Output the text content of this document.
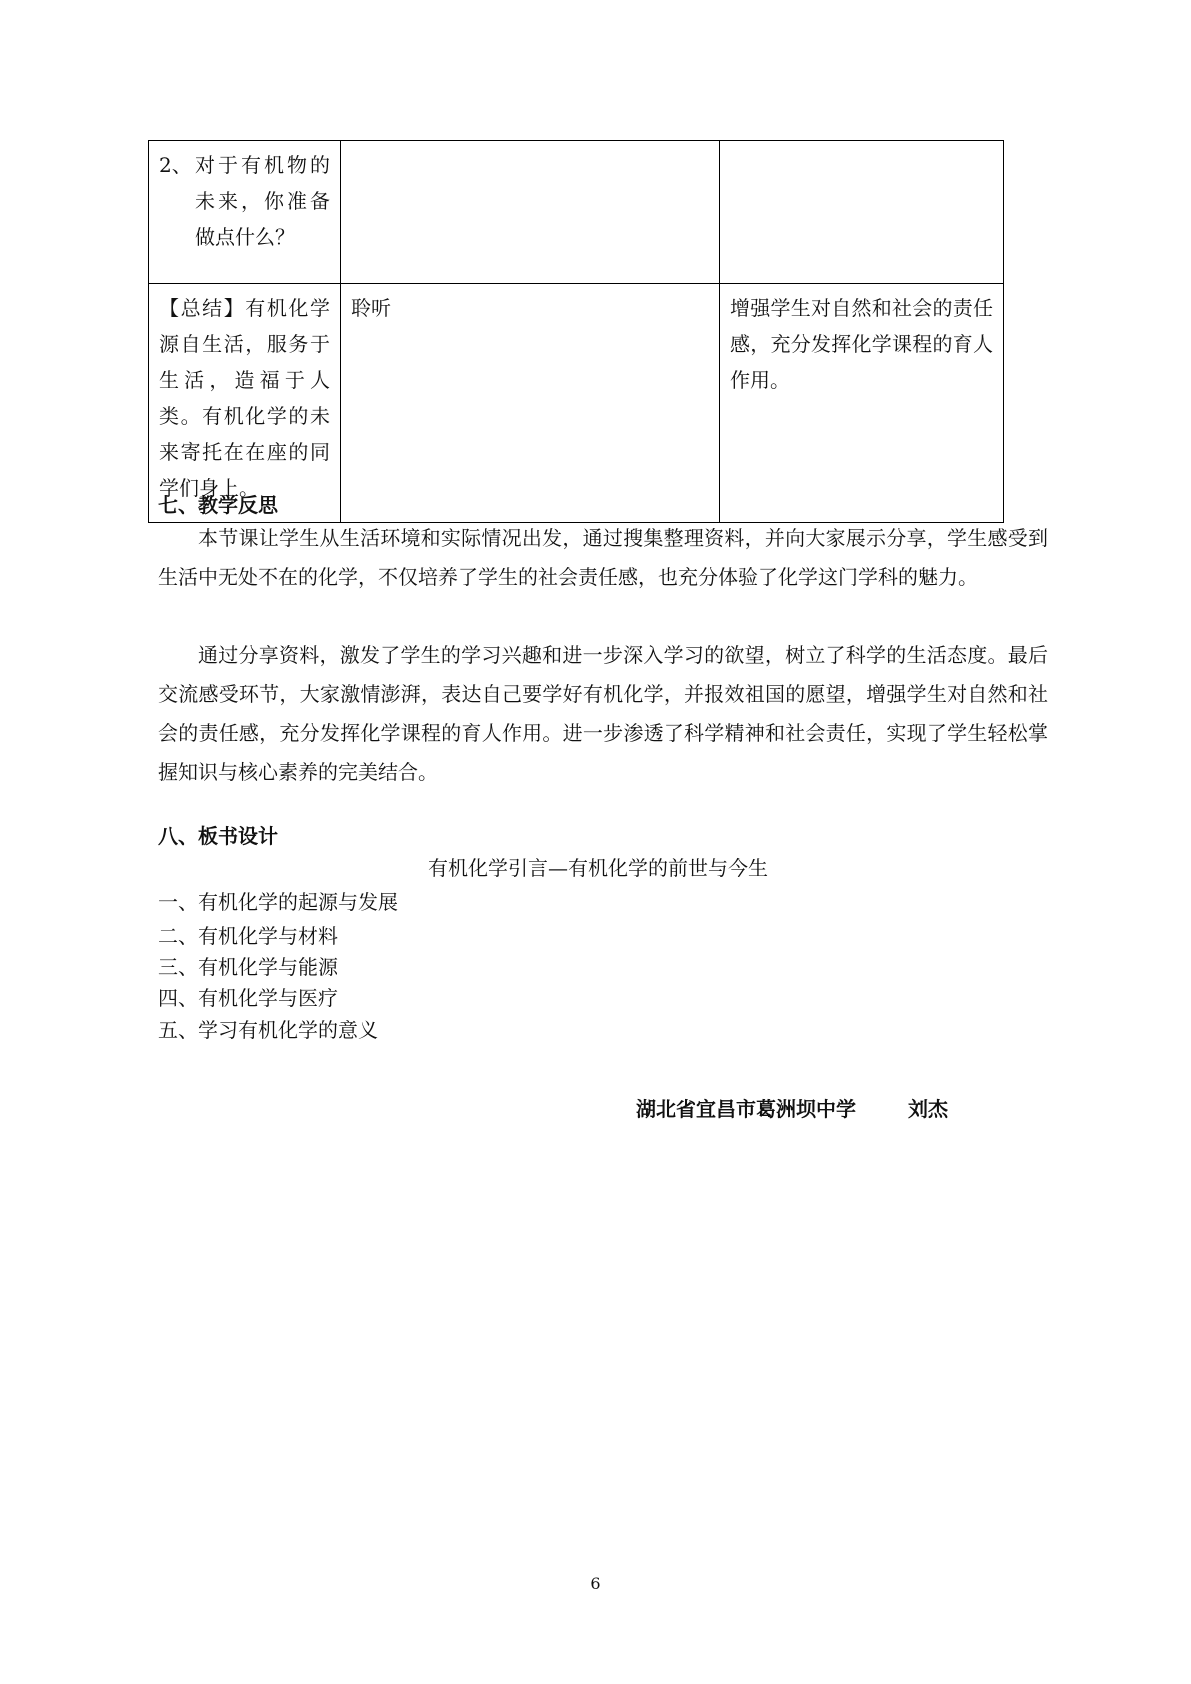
2、 对于有机物的未来，你准备做点什么？		

【总结】有机化学源自生活，服务于生活，造福于人类。有机化学的未来寄托在在座的同学们身上。	聆听	增强学生对自然和社会的责任感，充分发挥化学课程的育人作用。
七、教学反思
本节课让学生从生活环境和实际情况出发，通过搜集整理资料，并向大家展示分享，学生感受到生活中无处不在的化学，不仅培养了学生的社会责任感，也充分体验了化学这门学科的魅力。
通过分享资料，激发了学生的学习兴趣和进一步深入学习的欲望，树立了科学的生活态度。最后交流感受环节，大家激情澎湃，表达自己要学好有机化学，并报效祖国的愿望，增强学生对自然和社会的责任感，充分发挥化学课程的育人作用。进一步渗透了科学精神和社会责任，实现了学生轻松掌握知识与核心素养的完美结合。
八、板书设计
有机化学引言—有机化学的前世与今生
一、有机化学的起源与发展
二、有机化学与材料
三、有机化学与能源
四、有机化学与医疗
五、学习有机化学的意义
湖北省宜昌市葛洲坝中学	刘杰
6
